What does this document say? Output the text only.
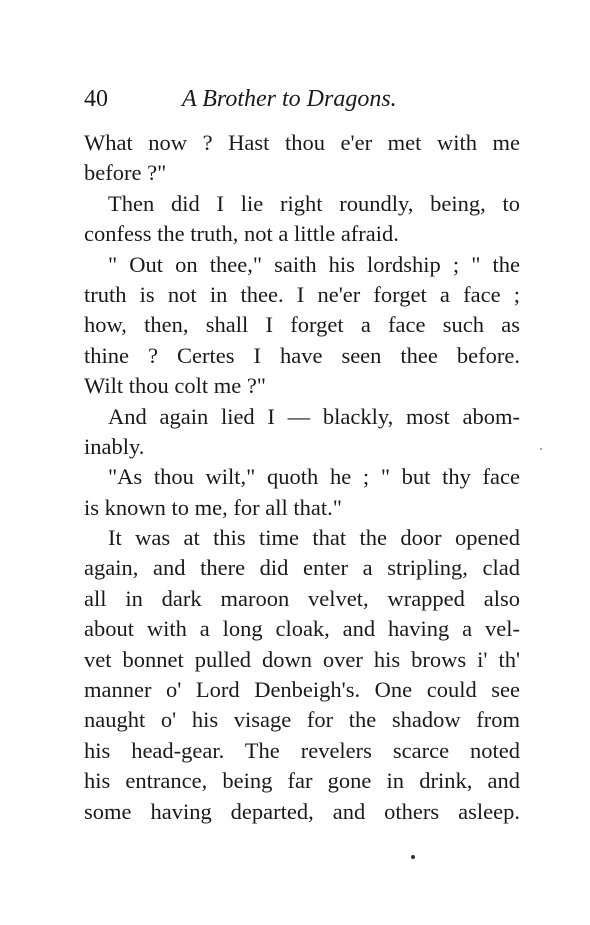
40	A Brother to Dragons.
What now ? Hast thou e'er met with me
before ?"
Then did I lie right roundly, being, to
confess the truth, not a little afraid.
" Out on thee," saith his lordship ; " the
truth is not in thee. I ne'er forget a face ;
how, then, shall I forget a face such as
thine ? Certes I have seen thee before.
Wilt thou colt me ?"
And again lied I — blackly, most abom-
inably.
"As thou wilt," quoth he ; " but thy face
is known to me, for all that."
It was at this time that the door opened
again, and there did enter a stripling, clad
all in dark maroon velvet, wrapped also
about with a long cloak, and having a vel-
vet bonnet pulled down over his brows i' th'
manner o' Lord Denbeigh's. One could see
naught o' his visage for the shadow from
his head-gear. The revelers scarce noted
his entrance, being far gone in drink, and
some having departed, and others asleep.
